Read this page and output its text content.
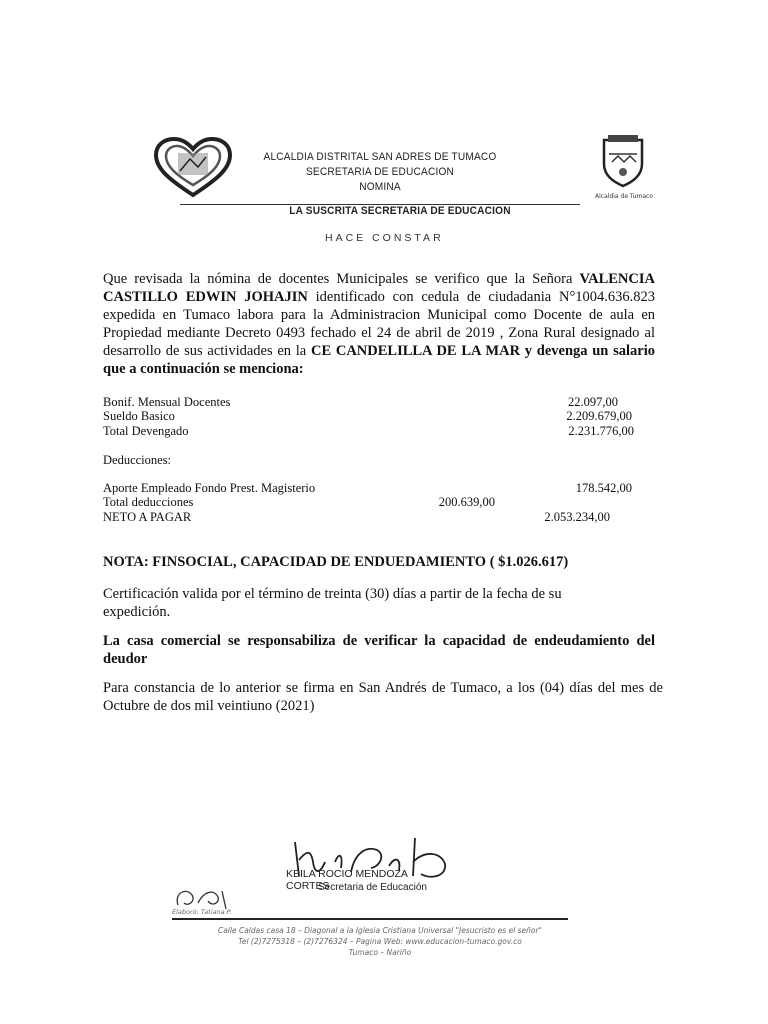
ALCALDIA DISTRITAL SAN ADRES DE TUMACO
SECRETARIA DE EDUCACION
NOMINA
Alcaldia de Tumaco
LA SUSCRITA SECRETARIA DE EDUCACION
HACE CONSTAR
Que revisada la nómina de docentes Municipales se verifico que la Señora VALENCIA CASTILLO EDWIN JOHAJIN identificado con cedula de ciudadania N°1004.636.823 expedida en Tumaco labora para la Administracion Municipal como Docente de aula en Propiedad mediante Decreto 0493 fechado el 24 de abril de 2019 , Zona Rural designado al desarrollo de sus actividades en la CE CANDELILLA DE LA MAR y devenga un salario que a continuación se menciona:
Bonif. Mensual Docentes	22.097,00
Sueldo Basico	2.209.679,00
Total Devengado	2.231.776,00
Deducciones:
Aporte Empleado Fondo Prest. Magisterio	178.542,00
Total deducciones	200.639,00
NETO A PAGAR	2.053.234,00
NOTA: FINSOCIAL, CAPACIDAD DE ENDUEDAMIENTO ( $1.026.617)
Certificación valida por el término de treinta (30) días a partir de la fecha de su expedición.
La casa comercial se responsabiliza de verificar la capacidad de endeudamiento del deudor
Para constancia de lo anterior se firma en San Andrés de Tumaco, a los (04) días del mes de Octubre de dos mil veintiuno (2021)
KEILA ROCIO MENDOZA CORTES
Secretaria de Educación
Elaboró: Tatiana P.
Calle Caldas casa 18 – Diagonal a la Iglesia Cristiana Universal "Jesucristo es el señor"
Tel (2)7275318 – (2)7276324 – Pagina Web: www.educacion-tumaco.gov.co
Tumaco – Nariño
